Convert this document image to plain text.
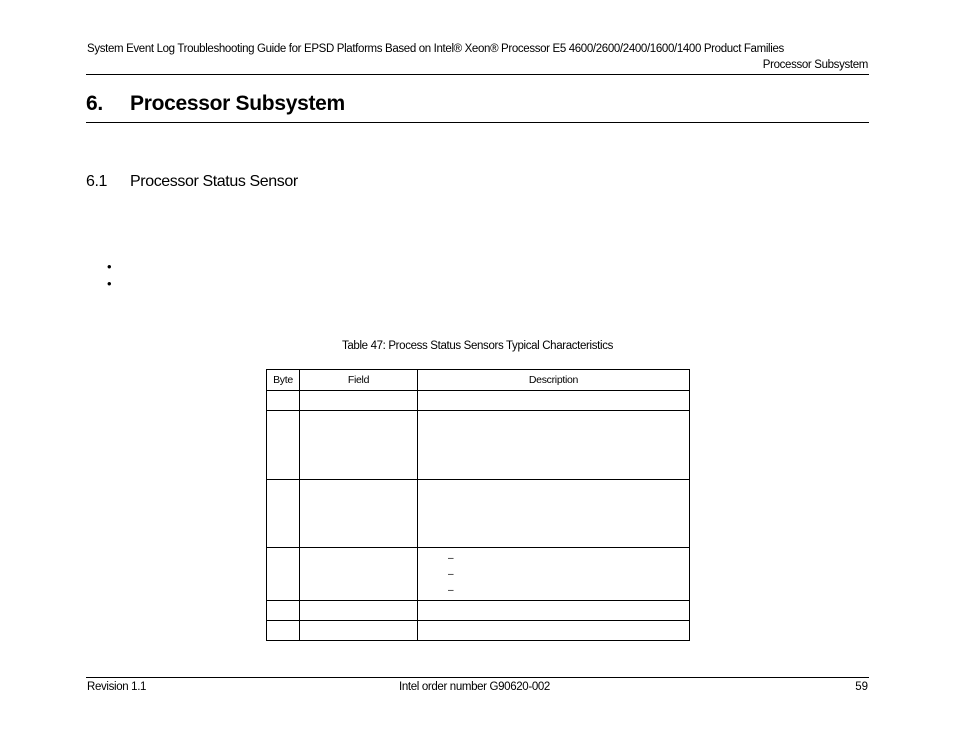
System Event Log Troubleshooting Guide for EPSD Platforms Based on Intel® Xeon® Processor E5 4600/2600/2400/1600/1400 Product Families
Processor Subsystem
6. Processor Subsystem
6.1 Processor Status Sensor
•
•
Table 47: Process Status Sensors Typical Characteristics
Byte	Field	Description

		–
–
–

Revision 1.1	Intel order number G90620-002	59
